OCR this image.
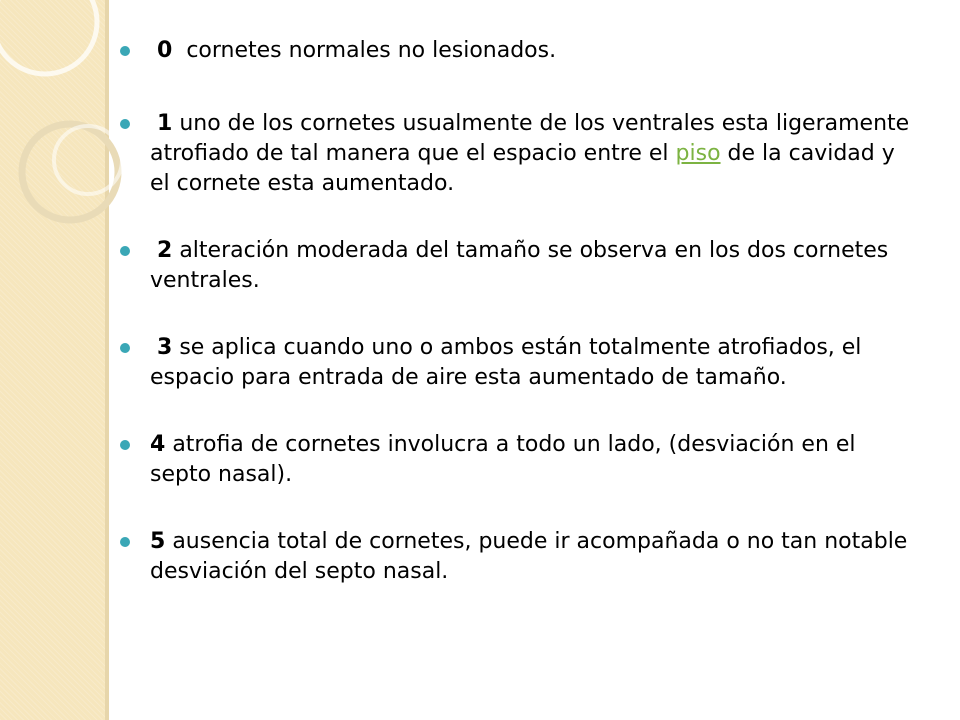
0 cornetes normales no lesionados.
1 uno de los cornetes usualmente de los ventrales esta ligeramente atrofiado de tal manera que el espacio entre el piso de la cavidad y el cornete esta aumentado.
2 alteración moderada del tamaño se observa en los dos cornetes ventrales.
3 se aplica cuando uno o ambos están totalmente atrofiados, el espacio para entrada de aire esta aumentado de tamaño.
4 atrofia de cornetes involucra a todo un lado, (desviación en el septo nasal).
5 ausencia total de cornetes, puede ir acompañada o no tan notable desviación del septo nasal.
